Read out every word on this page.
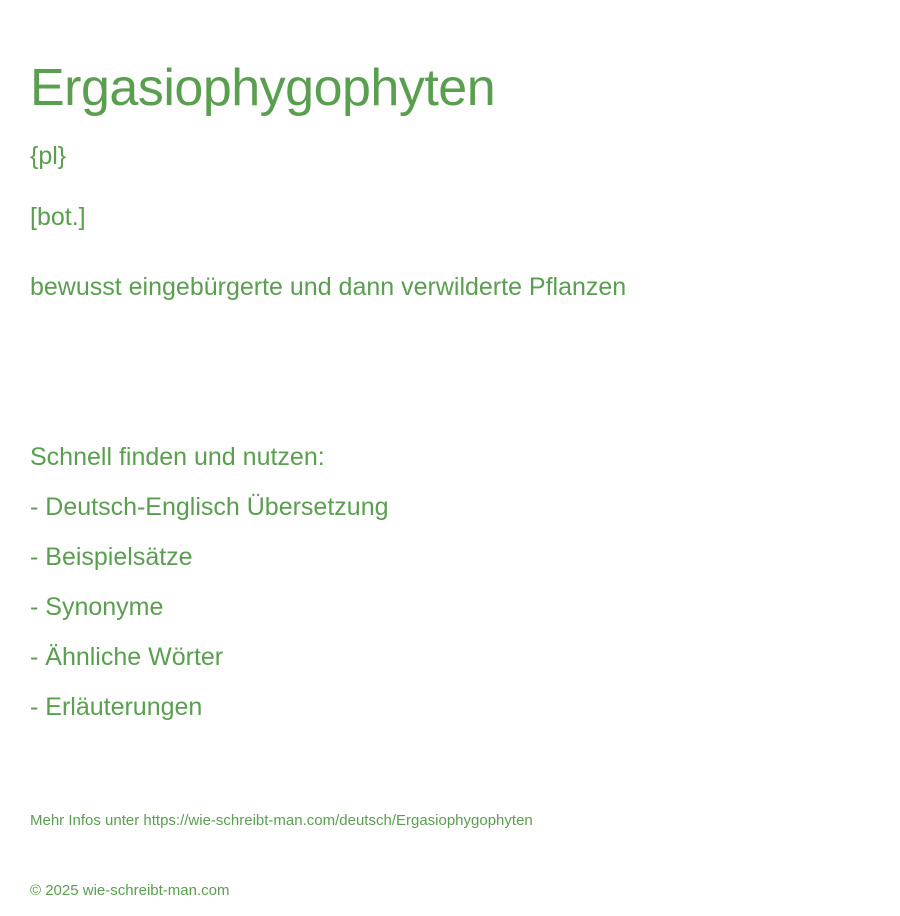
Ergasiophygophyten

{pl}

[bot.]

bewusst eingebürgerte und dann verwilderte Pflanzen

Schnell finden und nutzen:

- Deutsch-Englisch Übersetzung
- Beispielsätze
- Synonyme
- Ähnliche Wörter
- Erläuterungen

Mehr Infos unter https://wie-schreibt-man.com/deutsch/Ergasiophygophyten

© 2025 wie-schreibt-man.com
